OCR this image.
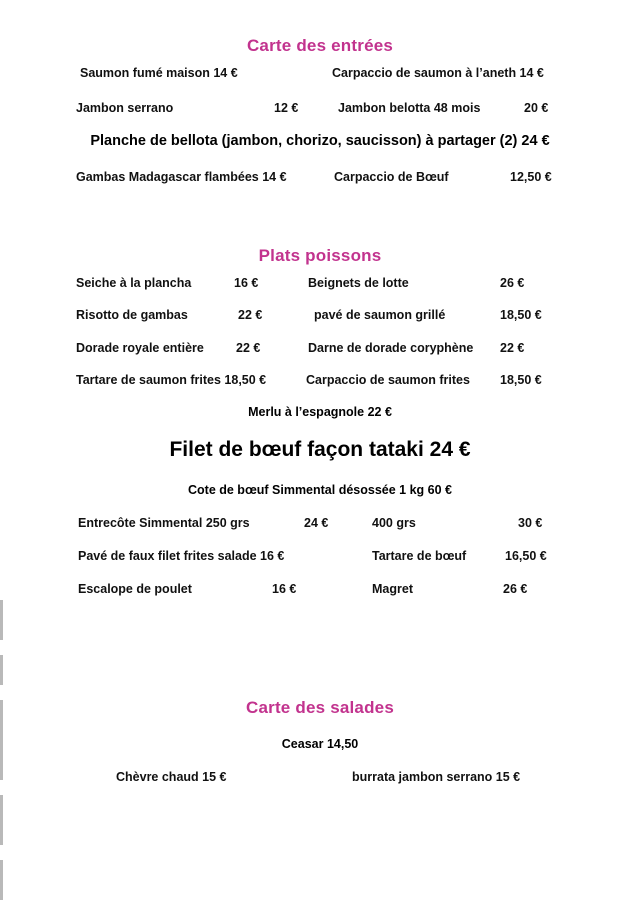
Carte des entrées
Saumon fumé maison 14 €	Carpaccio de saumon à l’aneth 14 €
Jambon serrano	12 €	Jambon belotta 48 mois	20 €
Planche de bellota (jambon, chorizo, saucisson) à partager (2) 24 €
Gambas Madagascar flambées 14 €	Carpaccio de Bœuf	12,50 €
Plats poissons
Seiche à la plancha	16 €	Beignets de lotte	26 €
Risotto de gambas	22 €	pavé de saumon grillé	18,50 €
Dorade royale entière	22 €	Darne de dorade coryphène 22 €
Tartare de saumon frites 18,50 €	Carpaccio de saumon frites 18,50 €
Merlu à l’espagnole 22 €
Filet de bœuf façon tataki 24 €
Cote de bœuf Simmental désossée 1 kg 60 €
Entrecôte Simmental 250 grs	24 €	400 grs	30 €
Pavé de faux filet frites salade 16 €	Tartare de bœuf	16,50 €
Escalope de poulet	16 €	Magret	26 €
Carte des salades
Ceasar 14,50
Chèvre chaud 15 €	burrata jambon serrano 15 €
